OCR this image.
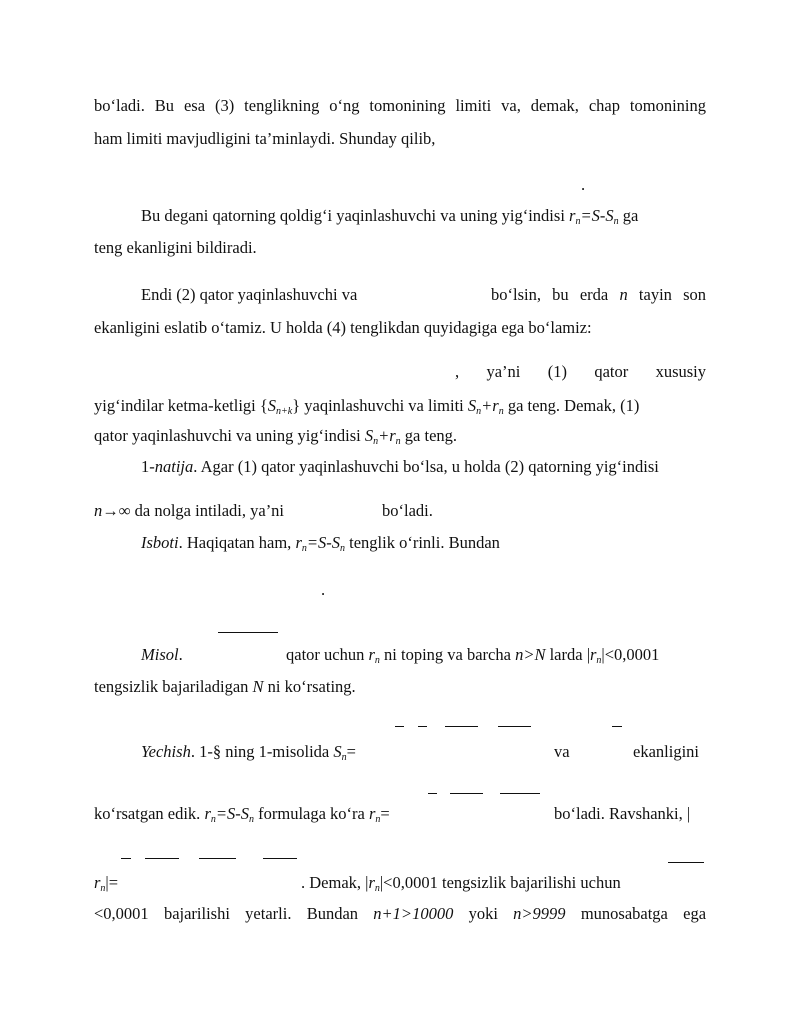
bo‘ladi. Bu esa (3) tenglikning o‘ng tomonining limiti va, demak, chap tomonining
ham limiti mavjudligini ta’minlaydi. Shunday qilib,
.
Bu degani qatorning qoldig‘i yaqinlashuvchi va uning yig‘indisi $r_n=S-S_n$ ga
teng ekanligini bildiradi.
Endi (2) qator yaqinlashuvchi va	bo‘lsin, bu erda n tayin son
ekanligini eslatib o‘tamiz. U holda (4) tenglikdan quyidagiga ega bo‘lamiz:
, ya’ni (1) qator xususiy
yig‘indilar ketma-ketligi $\{S_{n+k}\}$ yaqinlashuvchi va limiti $S_n+r_n$ ga teng. Demak, (1)
qator yaqinlashuvchi va uning yig‘indisi $S_n+r_n$ ga teng.
1-natija. Agar (1) qator yaqinlashuvchi bo‘lsa, u holda (2) qatorning yig‘indisi
n→∞ da nolga intiladi, ya’ni	bo‘ladi.
Isboti. Haqiqatan ham, $r_n=S-S_n$ tenglik o‘rinli. Bundan
.
Misol.	qator uchun $r_n$ ni toping va barcha n>N larda $|r_n|<0,0001$
tengsizlik bajariladigan N ni ko‘rsating.
Yechish. 1-§ ning 1-misolida $S_n=$	va	ekanligini
ko‘rsatgan edik. $r_n=S-S_n$ formulaga ko‘ra $r_n=$	bo‘ladi. Ravshanki, |
$r_n|=$	. Demak, $|r_n|<0,0001$ tengsizlik bajarilishi uchun
<0,0001 bajarilishi yetarli. Bundan n+1>10000 yoki n>9999 munosabatga ega
